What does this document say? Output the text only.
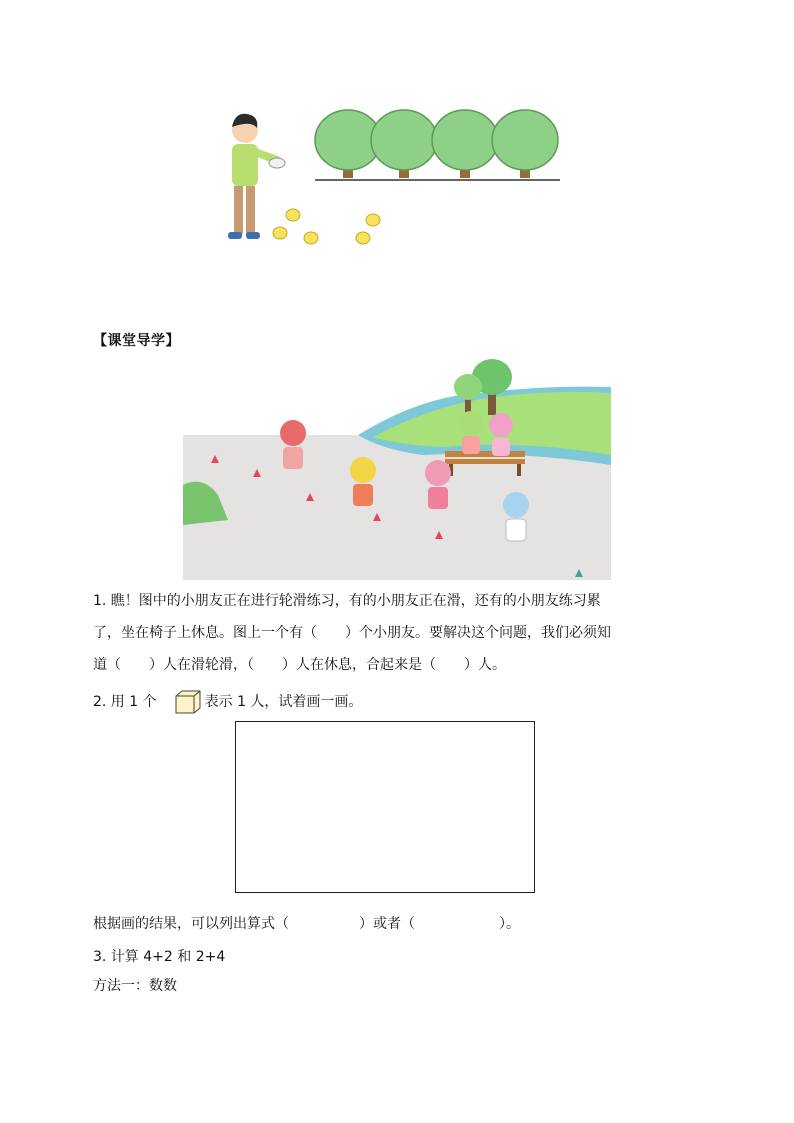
【课堂导学】
1. 瞧！图中的小朋友正在进行轮滑练习，有的小朋友正在滑，还有的小朋友练习累
了，坐在椅子上休息。图上一个有（　　）个小朋友。要解决这个问题，我们必须知
道（　　）人在滑轮滑，（　　）人在休息，合起来是（　　）人。
2. 用 1 个	表示 1 人，试着画一画。
根据画的结果，可以列出算式（　　　　　）或者（　　　　　　）。
3. 计算 4+2 和 2+4
方法一：数数
